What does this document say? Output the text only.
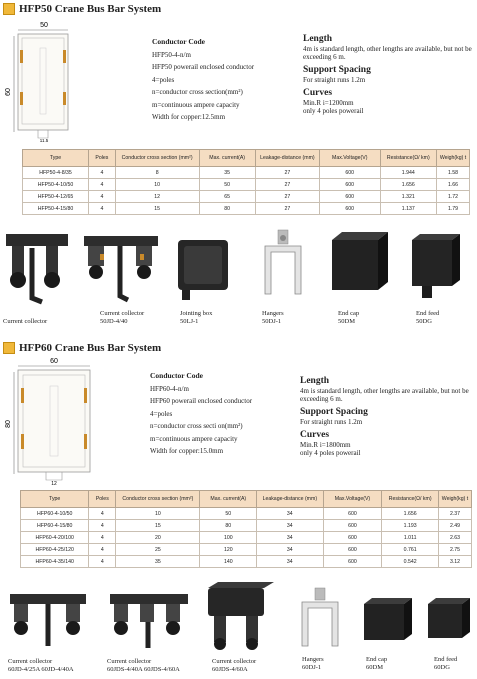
HFP50 Crane Bus Bar System
50
60
11.5
Conductor Code
HFP50-4-n/m
HFP50 powerail enclosed conductor
4=poles
n=conductor cross section(mm²)
m=continuous ampere capacity
Width for copper:12.5mm
Length
4m is standard length, other lengths are available, but not be exceeding 6 m.
Support Spacing
For straight runs 1.2m
Curves
Min.R i=1200mm
only 4 poles powerail
Type	Poles	Conductor cross section (mm²)	Max. current(A)	Leakage-distance (mm)	Max.Voltage(V)	Resistance(Ω/ km)	Weigh(kg) t
HFP50-4-8/35	4	8	35	27	600	1.944	1.58
HFP50-4-10/50	4	10	50	27	600	1.656	1.66
HFP50-4-12/65	4	12	65	27	600	1.321	1.72
HFP50-4-15/80	4	15	80	27	600	1.137	1.79
Current collector
Current collector
50JD-4/40
Jointing box
50LJ-1
Hangers
50DJ-1
End cap
50DM
End feed
50DG
HFP60 Crane Bus Bar System
60
80
12
Conductor Code
HFP60-4-n/m
HFP60 powerail enclosed conductor
4=poles
n=conductor cross secti on(mm²)
m=continuous ampere capacity
Width for copper:15.0mm
Length
4m is standard length, other lengths are available, but not be exceeding 6 m.
Support Spacing
For straight runs 1.2m
Curves
Min.R i=1800mm
only 4 poles powerail
Type	Poles	Conductor cross section (mm²)	Max. current(A)	Leakage-distance (mm)	Max.Voltage(V)	Resistance(Ω/ km)	Weigh(kg) t
HFP60-4-10/50	4	10	50	34	600	1.656	2.37
HFP60-4-15/80	4	15	80	34	600	1.193	2.49
HFP60-4-20/100	4	20	100	34	600	1.011	2.63
HFP60-4-25/120	4	25	120	34	600	0.761	2.75
HFP60-4-35/140	4	35	140	34	600	0.542	3.12
Current collector
60JD-4/25A 60JD-4/40A
Current collector
60JDS-4/40A 60JDS-4/60A
Current collector
60JDS-4/60A
Hangers
60DJ-1
End cap
60DM
End feed
60DG
